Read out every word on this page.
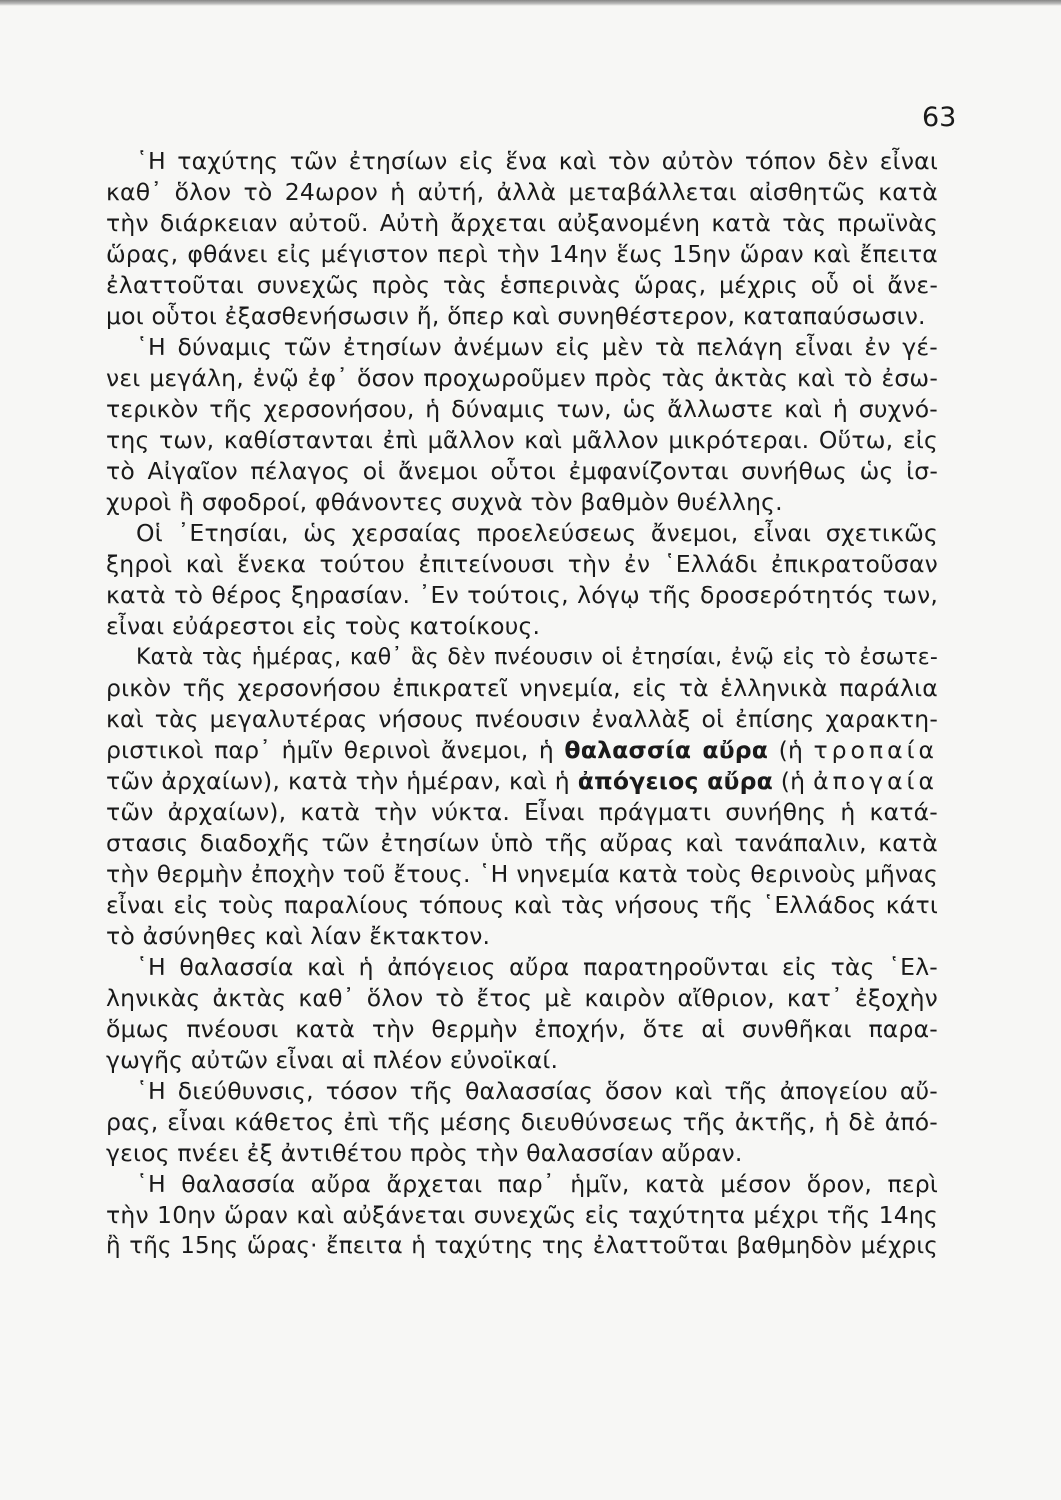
63
῾Η ταχύτης τῶν ἐτησίων εἰς ἕνα καὶ τὸν αὐτὸν τόπον δὲν εἶναι
καθ᾽ ὅλον τὸ 24ωρον ἡ αὐτή, ἀλλὰ μεταβάλλεται αἰσθητῶς κατὰ
τὴν διάρκειαν αὐτοῦ. Αὐτὴ ἄρχεται αὐξανομένη κατὰ τὰς πρωϊνὰς
ὥρας, φθάνει εἰς μέγιστον περὶ τὴν 14ην ἕως 15ην ὥραν καὶ ἔπειτα
ἐλαττοῦται συνεχῶς πρὸς τὰς ἑσπερινὰς ὥρας, μέχρις οὗ οἱ ἄνε-
μοι οὗτοι ἐξασθενήσωσιν ἤ, ὅπερ καὶ συνηθέστερον, καταπαύσωσιν.
῾Η δύναμις τῶν ἐτησίων ἀνέμων εἰς μὲν τὰ πελάγη εἶναι ἐν γέ-
νει μεγάλη, ἐνῷ ἐφ᾽ ὅσον προχωροῦμεν πρὸς τὰς ἀκτὰς καὶ τὸ ἐσω-
τερικὸν τῆς χερσονήσου, ἡ δύναμις των, ὡς ἄλλωστε καὶ ἡ συχνό-
της των, καθίστανται ἐπὶ μᾶλλον καὶ μᾶλλον μικρότεραι. Οὕτω, εἰς
τὸ Αἰγαῖον πέλαγος οἱ ἄνεμοι οὗτοι ἐμφανίζονται συνήθως ὡς ἰσ-
χυροὶ ἢ σφοδροί, φθάνοντες συχνὰ τὸν βαθμὸν θυέλλης.
Οἱ ᾽Ετησίαι, ὡς χερσαίας προελεύσεως ἄνεμοι, εἶναι σχετικῶς
ξηροὶ καὶ ἕνεκα τούτου ἐπιτείνουσι τὴν ἐν ῾Ελλάδι ἐπικρατοῦσαν
κατὰ τὸ θέρος ξηρασίαν. ᾽Εν τούτοις, λόγῳ τῆς δροσερότητός των,
εἶναι εὐάρεστοι εἰς τοὺς κατοίκους.
Κατὰ τὰς ἡμέρας, καθ᾽ ἃς δὲν πνέουσιν οἱ ἐτησίαι, ἐνῷ εἰς τὸ ἐσωτε-
ρικὸν τῆς χερσονήσου ἐπικρατεῖ νηνεμία, εἰς τὰ ἑλληνικὰ παράλια
καὶ τὰς μεγαλυτέρας νήσους πνέουσιν ἐναλλὰξ οἱ ἐπίσης χαρακτη-
ριστικοὶ παρ᾽ ἡμῖν θερινοὶ ἄνεμοι, ἡ θαλασσία αὔρα (ἡ τροπαία
τῶν ἀρχαίων), κατὰ τὴν ἡμέραν, καὶ ἡ ἀπόγειος αὔρα (ἡ ἀπογαία
τῶν ἀρχαίων), κατὰ τὴν νύκτα. Εἶναι πράγματι συνήθης ἡ κατά-
στασις διαδοχῆς τῶν ἐτησίων ὑπὸ τῆς αὔρας καὶ τανάπαλιν, κατὰ
τὴν θερμὴν ἐποχὴν τοῦ ἔτους. ῾Η νηνεμία κατὰ τοὺς θερινοὺς μῆνας
εἶναι εἰς τοὺς παραλίους τόπους καὶ τὰς νήσους τῆς ῾Ελλάδος κάτι
τὸ ἀσύνηθες καὶ λίαν ἔκτακτον.
῾Η θαλασσία καὶ ἡ ἀπόγειος αὔρα παρατηροῦνται εἰς τὰς ῾Ελ-
ληνικὰς ἀκτὰς καθ᾽ ὅλον τὸ ἔτος μὲ καιρὸν αἴθριον, κατ᾽ ἐξοχὴν
ὅμως πνέουσι κατὰ τὴν θερμὴν ἐποχήν, ὅτε αἱ συνθῆκαι παρα-
γωγῆς αὐτῶν εἶναι αἱ πλέον εὐνοϊκαί.
῾Η διεύθυνσις, τόσον τῆς θαλασσίας ὅσον καὶ τῆς ἀπογείου αὔ-
ρας, εἶναι κάθετος ἐπὶ τῆς μέσης διευθύνσεως τῆς ἀκτῆς, ἡ δὲ ἀπό-
γειος πνέει ἐξ ἀντιθέτου πρὸς τὴν θαλασσίαν αὔραν.
῾Η θαλασσία αὔρα ἄρχεται παρ᾽ ἡμῖν, κατὰ μέσον ὅρον, περὶ
τὴν 10ην ὥραν καὶ αὐξάνεται συνεχῶς εἰς ταχύτητα μέχρι τῆς 14ης
ἢ τῆς 15ης ὥρας· ἔπειτα ἡ ταχύτης της ἐλαττοῦται βαθμηδὸν μέχρις
